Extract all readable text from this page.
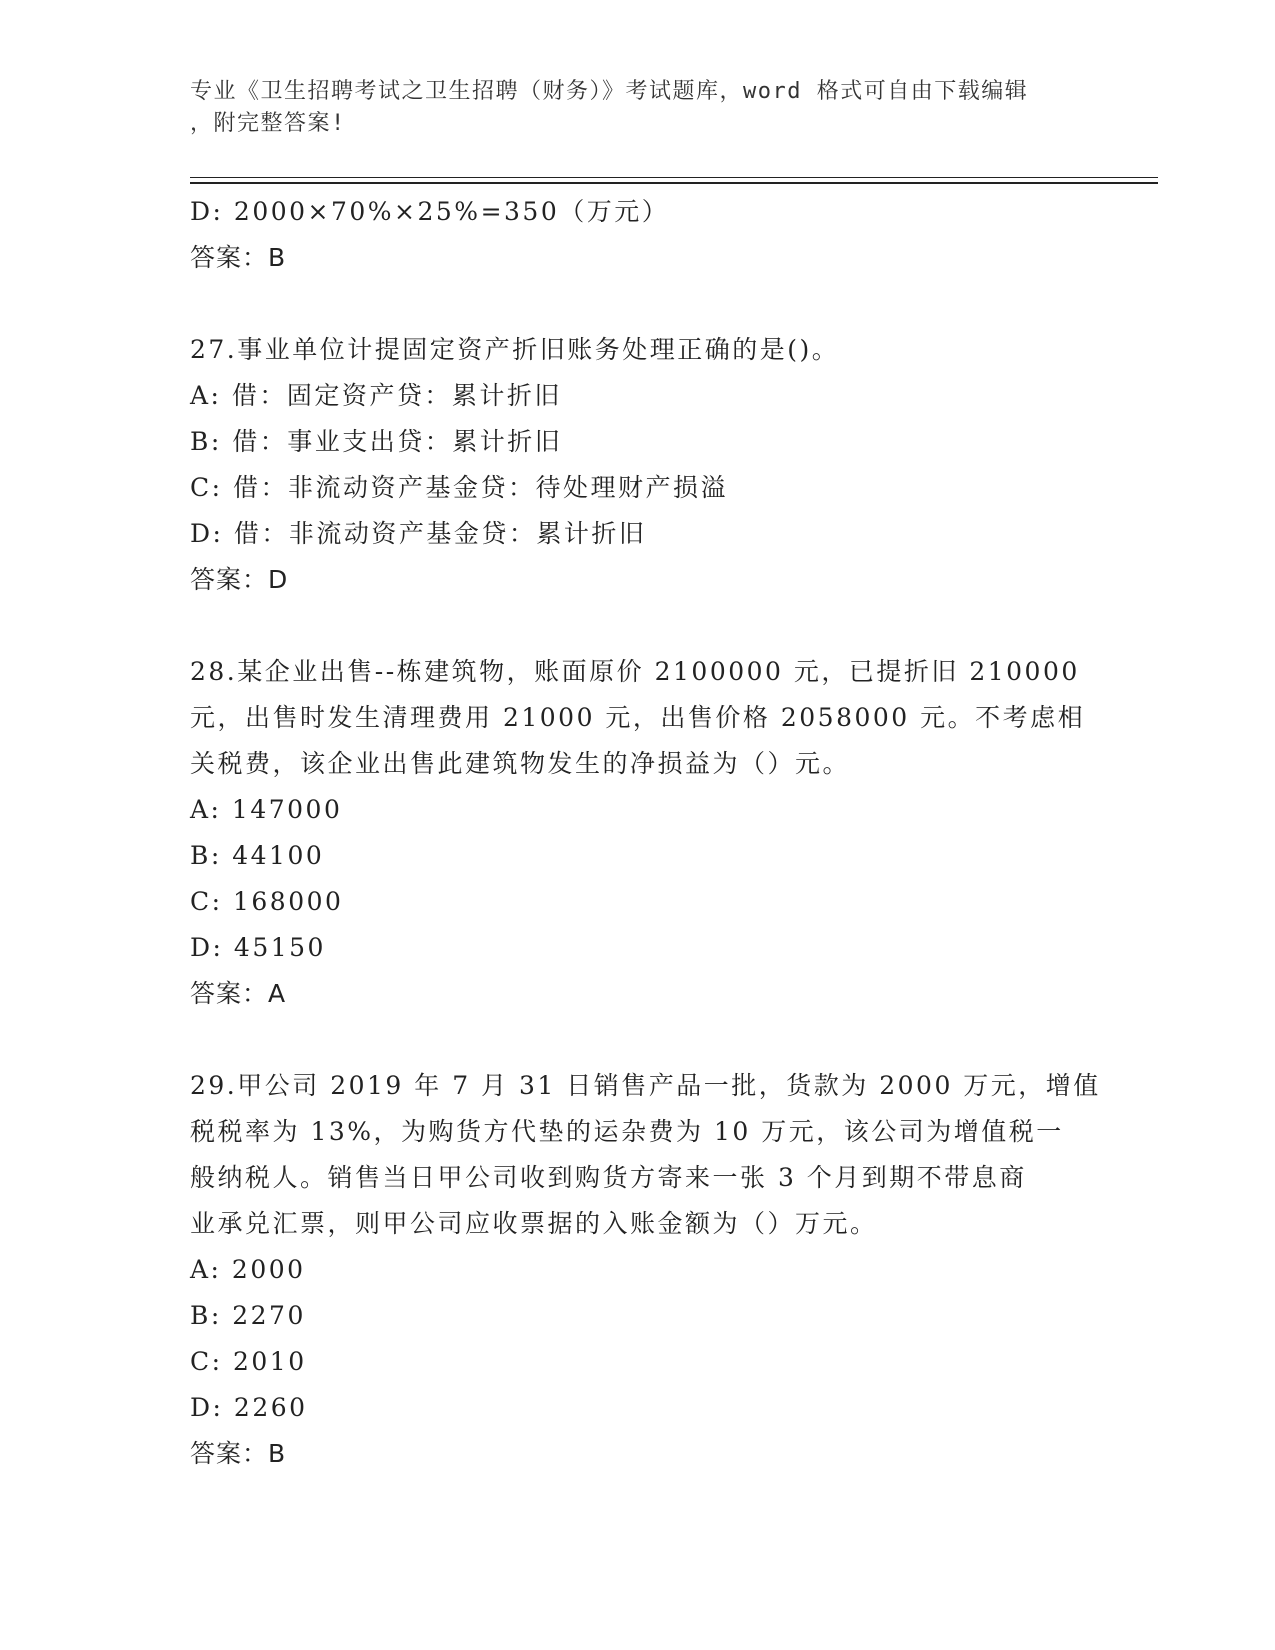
专业《卫生招聘考试之卫生招聘（财务）》考试题库，word 格式可自由下载编辑
，附完整答案!
D: 2000×70%×25%=350（万元）
答案：B
27.事业单位计提固定资产折旧账务处理正确的是()。
A: 借：固定资产贷：累计折旧
B: 借：事业支出贷：累计折旧
C: 借：非流动资产基金贷：待处理财产损溢
D: 借：非流动资产基金贷：累计折旧
答案：D
28.某企业出售--栋建筑物，账面原价 2100000 元，已提折旧 210000
元，出售时发生清理费用 21000 元，出售价格 2058000 元。不考虑相
关税费，该企业出售此建筑物发生的净损益为（）元。
A: 147000
B: 44100
C: 168000
D: 45150
答案：A
29.甲公司 2019 年 7 月 31 日销售产品一批，货款为 2000 万元，增值
税税率为 13%，为购货方代垫的运杂费为 10 万元，该公司为增值税一
般纳税人。销售当日甲公司收到购货方寄来一张 3 个月到期不带息商
业承兑汇票，则甲公司应收票据的入账金额为（）万元。
A: 2000
B: 2270
C: 2010
D: 2260
答案：B
